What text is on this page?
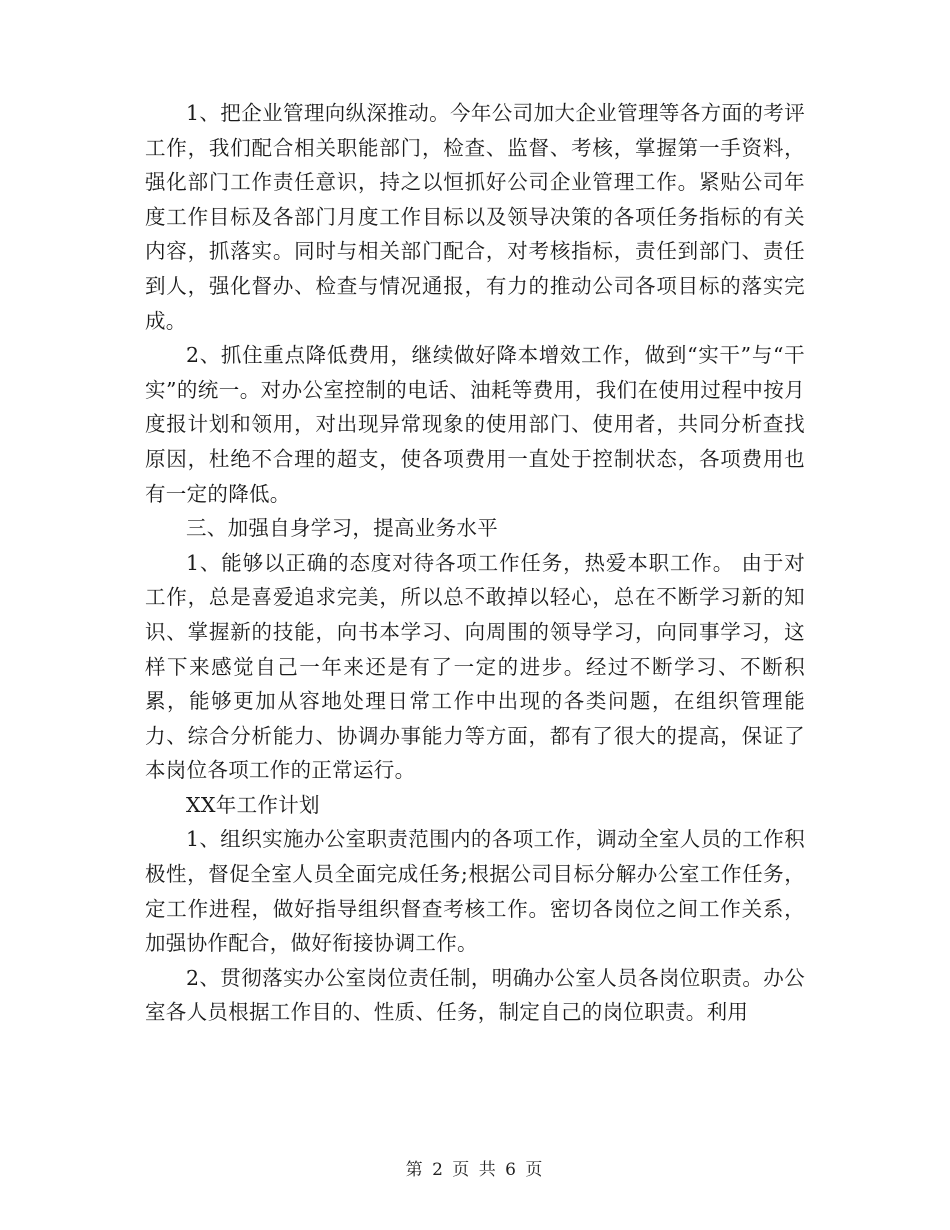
1、把企业管理向纵深推动。今年公司加大企业管理等各方面的考评工作，我们配合相关职能部门，检查、监督、考核，掌握第一手资料，强化部门工作责任意识，持之以恒抓好公司企业管理工作。紧贴公司年度工作目标及各部门月度工作目标以及领导决策的各项任务指标的有关内容，抓落实。同时与相关部门配合，对考核指标，责任到部门、责任到人，强化督办、检查与情况通报，有力的推动公司各项目标的落实完成。

2、抓住重点降低费用，继续做好降本增效工作，做到“实干”与“干实”的统一。对办公室控制的电话、油耗等费用，我们在使用过程中按月度报计划和领用，对出现异常现象的使用部门、使用者，共同分析查找原因，杜绝不合理的超支，使各项费用一直处于控制状态，各项费用也有一定的降低。

三、加强自身学习，提高业务水平

1、能够以正确的态度对待各项工作任务，热爱本职工作。 由于对工作，总是喜爱追求完美，所以总不敢掉以轻心，总在不断学习新的知识、掌握新的技能，向书本学习、向周围的领导学习，向同事学习，这样下来感觉自己一年来还是有了一定的进步。经过不断学习、不断积累，能够更加从容地处理日常工作中出现的各类问题，在组织管理能力、综合分析能力、协调办事能力等方面，都有了很大的提高，保证了本岗位各项工作的正常运行。

XX年工作计划

1、组织实施办公室职责范围内的各项工作，调动全室人员的工作积极性，督促全室人员全面完成任务;根据公司目标分解办公室工作任务，定工作进程，做好指导组织督查考核工作。密切各岗位之间工作关系，加强协作配合，做好衔接协调工作。

2、贯彻落实办公室岗位责任制，明确办公室人员各岗位职责。办公室各人员根据工作目的、性质、任务，制定自己的岗位职责。利用

第 2 页 共 6 页
